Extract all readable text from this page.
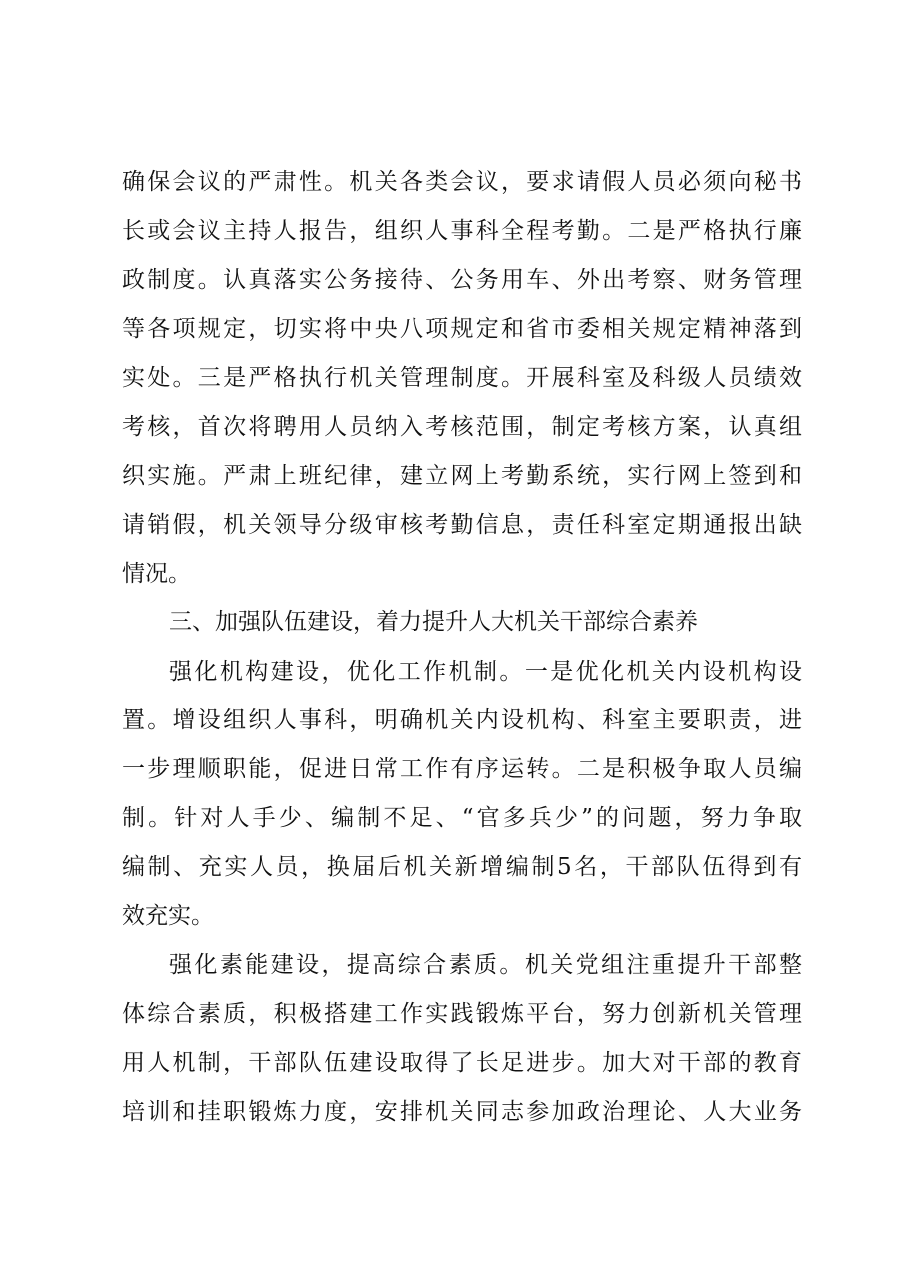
确保会议的严肃性。机关各类会议，要求请假人员必须向秘书
长或会议主持人报告，组织人事科全程考勤。二是严格执行廉
政制度。认真落实公务接待、公务用车、外出考察、财务管理
等各项规定，切实将中央八项规定和省市委相关规定精神落到
实处。三是严格执行机关管理制度。开展科室及科级人员绩效
考核，首次将聘用人员纳入考核范围，制定考核方案，认真组
织实施。严肃上班纪律，建立网上考勤系统，实行网上签到和
请销假，机关领导分级审核考勤信息，责任科室定期通报出缺
情况。
三、加强队伍建设，着力提升人大机关干部综合素养
强化机构建设，优化工作机制。一是优化机关内设机构设
置。增设组织人事科，明确机关内设机构、科室主要职责，进
一步理顺职能，促进日常工作有序运转。二是积极争取人员编
制。针对人手少、编制不足、“官多兵少”的问题，努力争取
编制、充实人员，换届后机关新增编制5名，干部队伍得到有
效充实。
强化素能建设，提高综合素质。机关党组注重提升干部整
体综合素质，积极搭建工作实践锻炼平台，努力创新机关管理
用人机制，干部队伍建设取得了长足进步。加大对干部的教育
培训和挂职锻炼力度，安排机关同志参加政治理论、人大业务
